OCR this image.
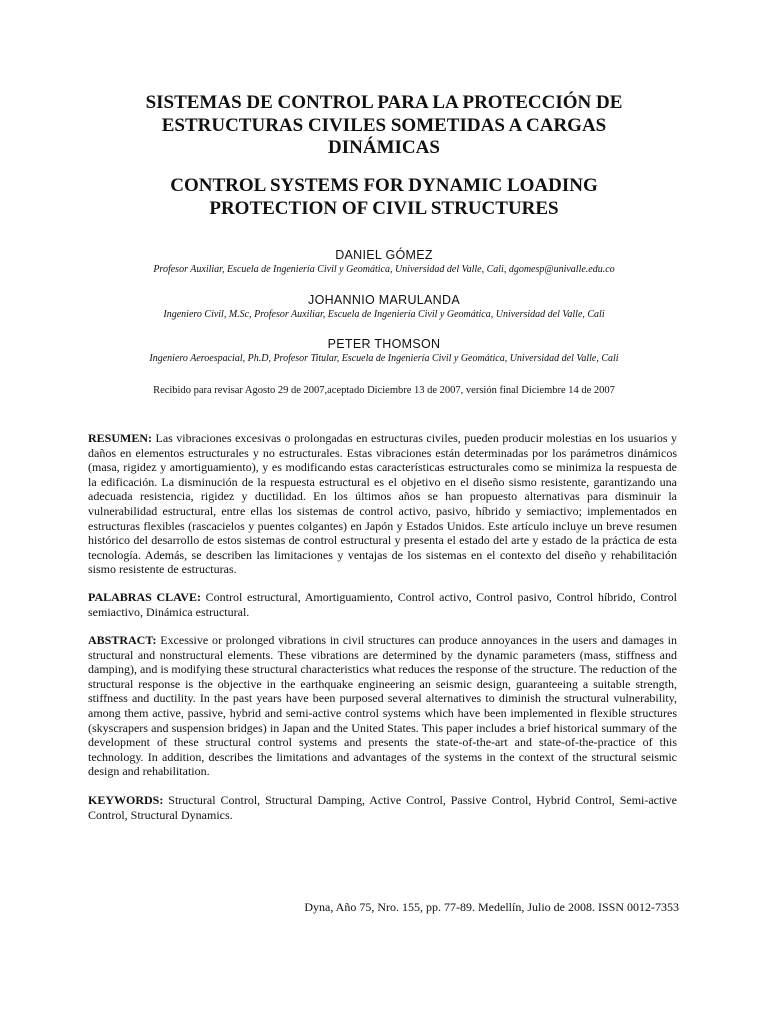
SISTEMAS DE CONTROL PARA LA PROTECCIÓN DE
ESTRUCTURAS CIVILES SOMETIDAS A CARGAS
DINÁMICAS
CONTROL SYSTEMS FOR DYNAMIC LOADING
PROTECTION OF CIVIL STRUCTURES
DANIEL GÓMEZ
Profesor Auxiliar, Escuela de Ingeniería Civil y Geomática, Universidad del Valle, Cali, dgomesp@univalle.edu.co
JOHANNIO MARULANDA
Ingeniero Civil, M.Sc, Profesor Auxiliar, Escuela de Ingeniería Civil y Geomática, Universidad del Valle, Cali
PETER THOMSON
Ingeniero Aeroespacial, Ph.D, Profesor Titular, Escuela de Ingeniería Civil y Geomática, Universidad del Valle, Cali
Recibido para revisar Agosto 29 de 2007,aceptado Diciembre 13 de 2007, versión final Diciembre 14 de 2007

RESUMEN: Las vibraciones excesivas o prolongadas en estructuras civiles, pueden producir molestias en los usuarios y daños en elementos estructurales y no estructurales. Estas vibraciones están determinadas por los parámetros dinámicos (masa, rigidez y amortiguamiento), y es modificando estas características estructurales como se minimiza la respuesta de la edificación. La disminución de la respuesta estructural es el objetivo en el diseño sismo resistente, garantizando una adecuada resistencia, rigidez y ductilidad. En los últimos años se han propuesto alternativas para disminuir la vulnerabilidad estructural, entre ellas los sistemas de control activo, pasivo, híbrido y semiactivo; implementados en estructuras flexibles (rascacielos y puentes colgantes) en Japón y Estados Unidos. Este artículo incluye un breve resumen histórico del desarrollo de estos sistemas de control estructural y presenta el estado del arte y estado de la práctica de esta tecnología. Además, se describen las limitaciones y ventajas de los sistemas en el contexto del diseño y rehabilitación sismo resistente de estructuras.

PALABRAS CLAVE: Control estructural, Amortiguamiento, Control activo, Control pasivo, Control híbrido, Control semiactivo, Dinámica estructural.

ABSTRACT: Excessive or prolonged vibrations in civil structures can produce annoyances in the users and damages in structural and nonstructural elements. These vibrations are determined by the dynamic parameters (mass, stiffness and damping), and is modifying these structural characteristics what reduces the response of the structure. The reduction of the structural response is the objective in the earthquake engineering an seismic design, guaranteeing a suitable strength, stiffness and ductility. In the past years have been purposed several alternatives to diminish the structural vulnerability, among them active, passive, hybrid and semi-active control systems which have been implemented in flexible structures (skyscrapers and suspension bridges) in Japan and the United States. This paper includes a brief historical summary of the development of these structural control systems and presents the state-of-the-art and state-of-the-practice of this technology. In addition, describes the limitations and advantages of the systems in the context of the structural seismic design and rehabilitation.

KEYWORDS: Structural Control, Structural Damping, Active Control, Passive Control, Hybrid Control, Semi-active Control, Structural Dynamics.

Dyna, Año 75, Nro. 155, pp. 77-89. Medellín, Julio de 2008. ISSN 0012-7353
